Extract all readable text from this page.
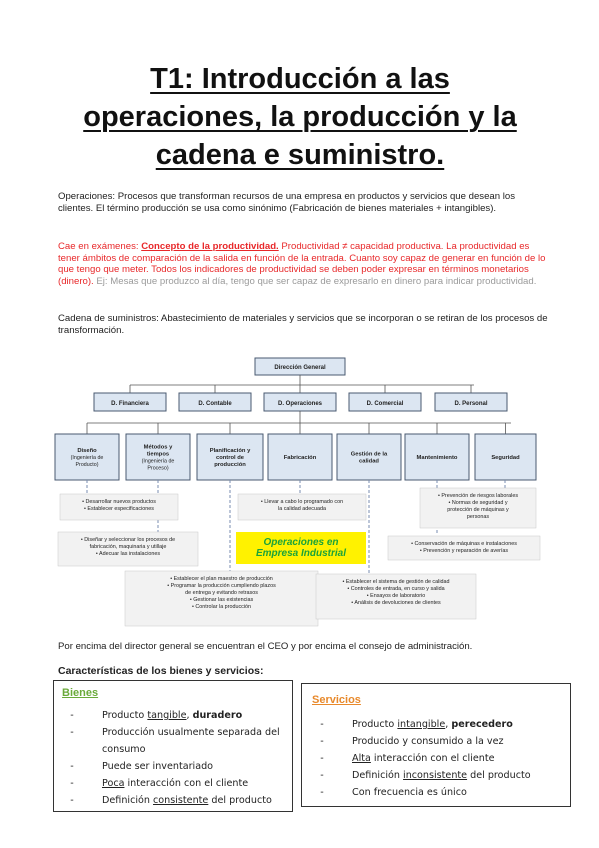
T1: Introducción a las
operaciones, la producción y la
cadena e suministro.
Operaciones: Procesos que transforman recursos de una empresa en productos y servicios que desean los clientes. El término producción se usa como sinónimo (Fabricación de bienes materiales + intangibles).
Cae en exámenes: Concepto de la productividad. Productividad ≠ capacidad productiva. La productividad es tener ámbitos de comparación de la salida en función de la entrada. Cuanto soy capaz de generar en función de lo que tengo que meter. Todos los indicadores de productividad se deben poder expresar en términos monetarios (dinero). Ej: Mesas que produzco al día, tengo que ser capaz de expresarlo en dinero para indicar productividad.
Cadena de suministros: Abastecimiento de materiales y servicios que se incorporan o se retiran de los procesos de transformación.
Dirección General
D. Financiera	D. Contable	D. Operaciones	D. Comercial	D. Personal
Diseño
(Ingeniería de Producto)
Métodos y
tiempos
(Ingeniería de Proceso)
Planificación y
control de producción
Fabricación
Gestión de la
calidad
Mantenimiento	Seguridad
• Desarrollar nuevos productos • Establecer especificaciones
• Diseñar y seleccionar los procesos de fabricación, maquinaria y utillaje • Adecuar las instalaciones
• Establecer el plan maestro de producción • Programar la producción cumpliendo plazos de entrega y evitando retrasos • Gestionar las existencias • Controlar la producción
• Llevar a cabo lo programado con la calidad adecuada
• Establecer el sistema de gestión de calidad • Controles de entrada, en curso y salida • Ensayos de laboratorio • Análisis de devoluciones de clientes
• Prevención de riesgos laborales • Normas de seguridad y protección de máquinas y personas
• Conservación de máquinas e instalaciones • Prevención y reparación de averías
Operaciones en Empresa Industrial
Por encima del director general se encuentran el CEO y por encima el consejo de administración.
Características de los bienes y servicios:
Bienes
-	Producto tangible, duradero
-	Producción usualmente separada del
consumo
-	Puede ser inventariado
-	Poca interacción con el cliente
-	Definición consistente del producto
Servicios
-	Producto intangible, perecedero
-	Producido y consumido a la vez
-	Alta interacción con el cliente
-	Definición inconsistente del producto
-	Con frecuencia es único
